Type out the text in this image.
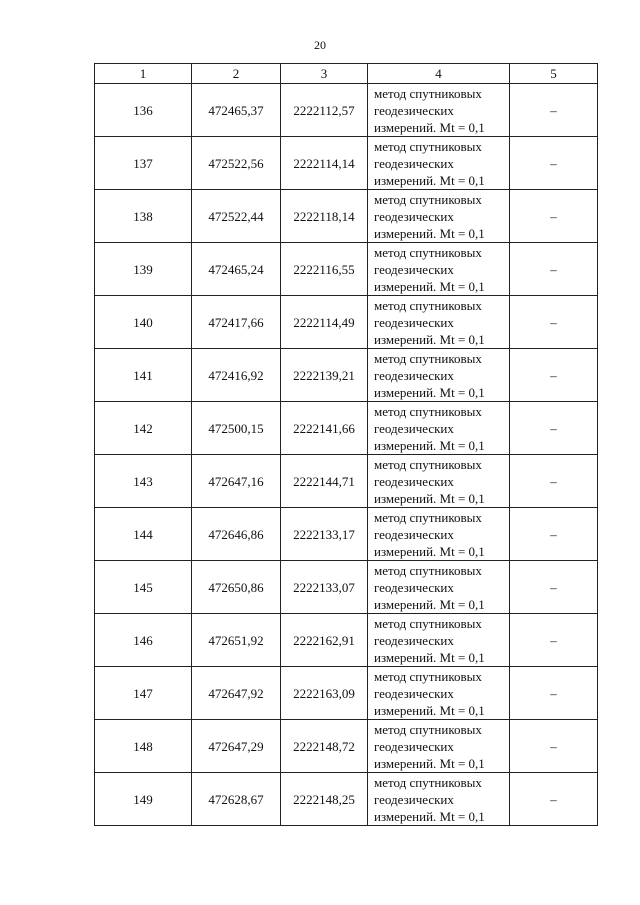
20
1	2	3	4	5
136	472465,37	2222112,57	метод спутниковых
геодезических
измерений. Mt = 0,1	–
137	472522,56	2222114,14	метод спутниковых
геодезических
измерений. Mt = 0,1	–
138	472522,44	2222118,14	метод спутниковых
геодезических
измерений. Mt = 0,1	–
139	472465,24	2222116,55	метод спутниковых
геодезических
измерений. Mt = 0,1	–
140	472417,66	2222114,49	метод спутниковых
геодезических
измерений. Mt = 0,1	–
141	472416,92	2222139,21	метод спутниковых
геодезических
измерений. Mt = 0,1	–
142	472500,15	2222141,66	метод спутниковых
геодезических
измерений. Mt = 0,1	–
143	472647,16	2222144,71	метод спутниковых
геодезических
измерений. Mt = 0,1	–
144	472646,86	2222133,17	метод спутниковых
геодезических
измерений. Mt = 0,1	–
145	472650,86	2222133,07	метод спутниковых
геодезических
измерений. Mt = 0,1	–
146	472651,92	2222162,91	метод спутниковых
геодезических
измерений. Mt = 0,1	–
147	472647,92	2222163,09	метод спутниковых
геодезических
измерений. Mt = 0,1	–
148	472647,29	2222148,72	метод спутниковых
геодезических
измерений. Mt = 0,1	–
149	472628,67	2222148,25	метод спутниковых
геодезических
измерений. Mt = 0,1	–
